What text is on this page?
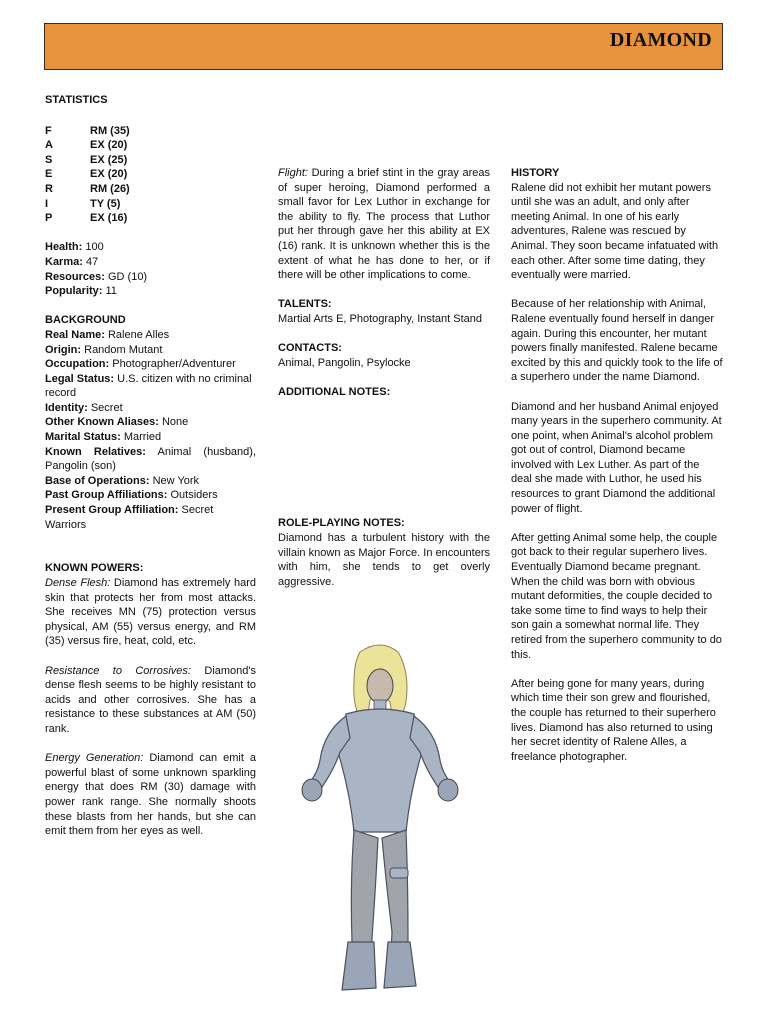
DIAMOND

STATISTICS

F	RM (35)
A	EX (20)
S	EX (25)
E	EX (20)
R	RM (26)
I	TY (5)
P	EX (16)

Health: 100

Karma: 47

Resources: GD (10)

Popularity: 11

BACKGROUND

Real Name: Ralene Alles

Origin: Random Mutant

Occupation: Photographer/Adventurer

Legal Status: U.S. citizen with no criminal record

Identity: Secret

Other Known Aliases: None

Marital Status: Married

Known Relatives: Animal (husband), Pangolin (son)

Base of Operations: New York

Past Group Affiliations: Outsiders

Present Group Affiliation: Secret Warriors

KNOWN POWERS:

Dense Flesh: Diamond has extremely hard skin that protects her from most attacks. She receives MN (75) protection versus physical, AM (55) versus energy, and RM (35) versus fire, heat, cold, etc.

Resistance to Corrosives: Diamond's dense flesh seems to be highly resistant to acids and other corrosives. She has a resistance to these substances at AM (50) rank.

Energy Generation: Diamond can emit a powerful blast of some unknown sparkling energy that does RM (30) damage with power rank range. She normally shoots these blasts from her hands, but she can emit them from her eyes as well.

Flight: During a brief stint in the gray areas of super heroing, Diamond performed a small favor for Lex Luthor in exchange for the ability to fly. The process that Luthor put her through gave her this ability at EX (16) rank. It is unknown whether this is the extent of what he has done to her, or if there will be other implications to come.

TALENTS:

Martial Arts E, Photography, Instant Stand

CONTACTS:

Animal, Pangolin, Psylocke

ADDITIONAL NOTES:

ROLE-PLAYING NOTES:

Diamond has a turbulent history with the villain known as Major Force. In encounters with him, she tends to get overly aggressive.

HISTORY

Ralene did not exhibit her mutant powers until she was an adult, and only after meeting Animal. In one of his early adventures, Ralene was rescued by Animal. They soon became infatuated with each other. After some time dating, they eventually were married.

Because of her relationship with Animal, Ralene eventually found herself in danger again. During this encounter, her mutant powers finally manifested. Ralene became excited by this and quickly took to the life of a superhero under the name Diamond.

Diamond and her husband Animal enjoyed many years in the superhero community. At one point, when Animal's alcohol problem got out of control, Diamond became involved with Lex Luther. As part of the deal she made with Luthor, he used his resources to grant Diamond the additional power of flight.

After getting Animal some help, the couple got back to their regular superhero lives. Eventually Diamond became pregnant. When the child was born with obvious mutant deformities, the couple decided to take some time to find ways to help their son gain a somewhat normal life. They retired from the superhero community to do this.

After being gone for many years, during which time their son grew and flourished, the couple has returned to their superhero lives. Diamond has also returned to using her secret identity of Ralene Alles, a freelance photographer.
